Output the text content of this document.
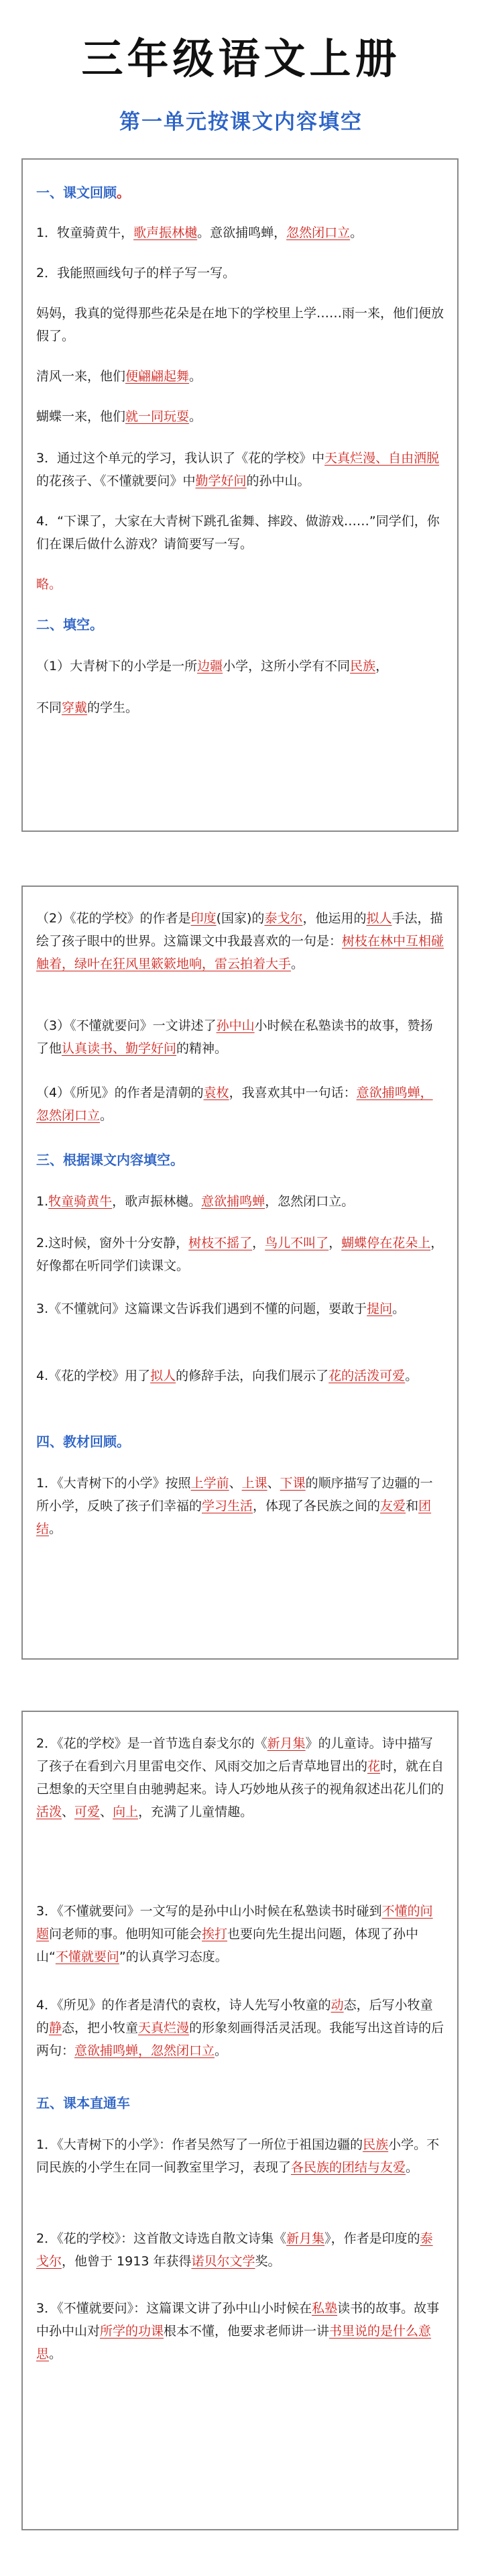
三年级语文上册
第一单元按课文内容填空

一、课文回顾。

1．牧童骑黄牛，歌声振林樾。意欲捕鸣蝉，忽然闭口立。

2．我能照画线句子的样子写一写。

妈妈，我真的觉得那些花朵是在地下的学校里上学……雨一来，他们便放假了。

清风一来，他们便翩翩起舞。

蝴蝶一来，他们就一同玩耍。

3．通过这个单元的学习，我认识了《花的学校》中天真烂漫、自由洒脱的花孩子、《不懂就要问》中勤学好问的孙中山。

4．“下课了，大家在大青树下跳孔雀舞、摔跤、做游戏……”同学们，你们在课后做什么游戏？请简要写一写。

略。

二、填空。

（1）大青树下的小学是一所边疆小学，这所小学有不同民族，

不同穿戴的学生。

（2）《花的学校》的作者是印度(国家)的泰戈尔，他运用的拟人手法，描绘了孩子眼中的世界。这篇课文中我最喜欢的一句是：树枝在林中互相碰触着，绿叶在狂风里簌簌地响，雷云拍着大手。

（3）《不懂就要问》一文讲述了孙中山小时候在私塾读书的故事，赞扬了他认真读书、勤学好问的精神。

（4）《所见》的作者是清朝的袁枚，我喜欢其中一句话：意欲捕鸣蝉，忽然闭口立。

三、根据课文内容填空。

1.牧童骑黄牛，歌声振林樾。意欲捕鸣蝉，忽然闭口立。

2.这时候，窗外十分安静，树枝不摇了，鸟儿不叫了，蝴蝶停在花朵上，好像都在听同学们读课文。

3.《不懂就问》这篇课文告诉我们遇到不懂的问题，要敢于提问。

4.《花的学校》用了拟人的修辞手法，向我们展示了花的活泼可爱。

四、教材回顾。

1．《大青树下的小学》按照上学前、上课、下课的顺序描写了边疆的一所小学，反映了孩子们幸福的学习生活，体现了各民族之间的友爱和团结。

2．《花的学校》是一首节选自泰戈尔的《新月集》的儿童诗。诗中描写了孩子在看到六月里雷电交作、风雨交加之后青草地冒出的花时，就在自己想象的天空里自由驰骋起来。诗人巧妙地从孩子的视角叙述出花儿们的活泼、可爱、向上，充满了儿童情趣。

3．《不懂就要问》一文写的是孙中山小时候在私塾读书时碰到不懂的问题问老师的事。他明知可能会挨打也要向先生提出问题，体现了孙中山“不懂就要问”的认真学习态度。

4．《所见》的作者是清代的袁枚，诗人先写小牧童的动态，后写小牧童的静态，把小牧童天真烂漫的形象刻画得活灵活现。我能写出这首诗的后两句：意欲捕鸣蝉，忽然闭口立。

五、课本直通车

1．《大青树下的小学》：作者吴然写了一所位于祖国边疆的民族小学。不同民族的小学生在同一间教室里学习，表现了各民族的团结与友爱。

2．《花的学校》：这首散文诗选自散文诗集《新月集》，作者是印度的泰戈尔，他曾于 1913 年获得诺贝尔文学奖。

3．《不懂就要问》：这篇课文讲了孙中山小时候在私塾读书的故事。故事中孙中山对所学的功课根本不懂，他要求老师讲一讲书里说的是什么意思。
